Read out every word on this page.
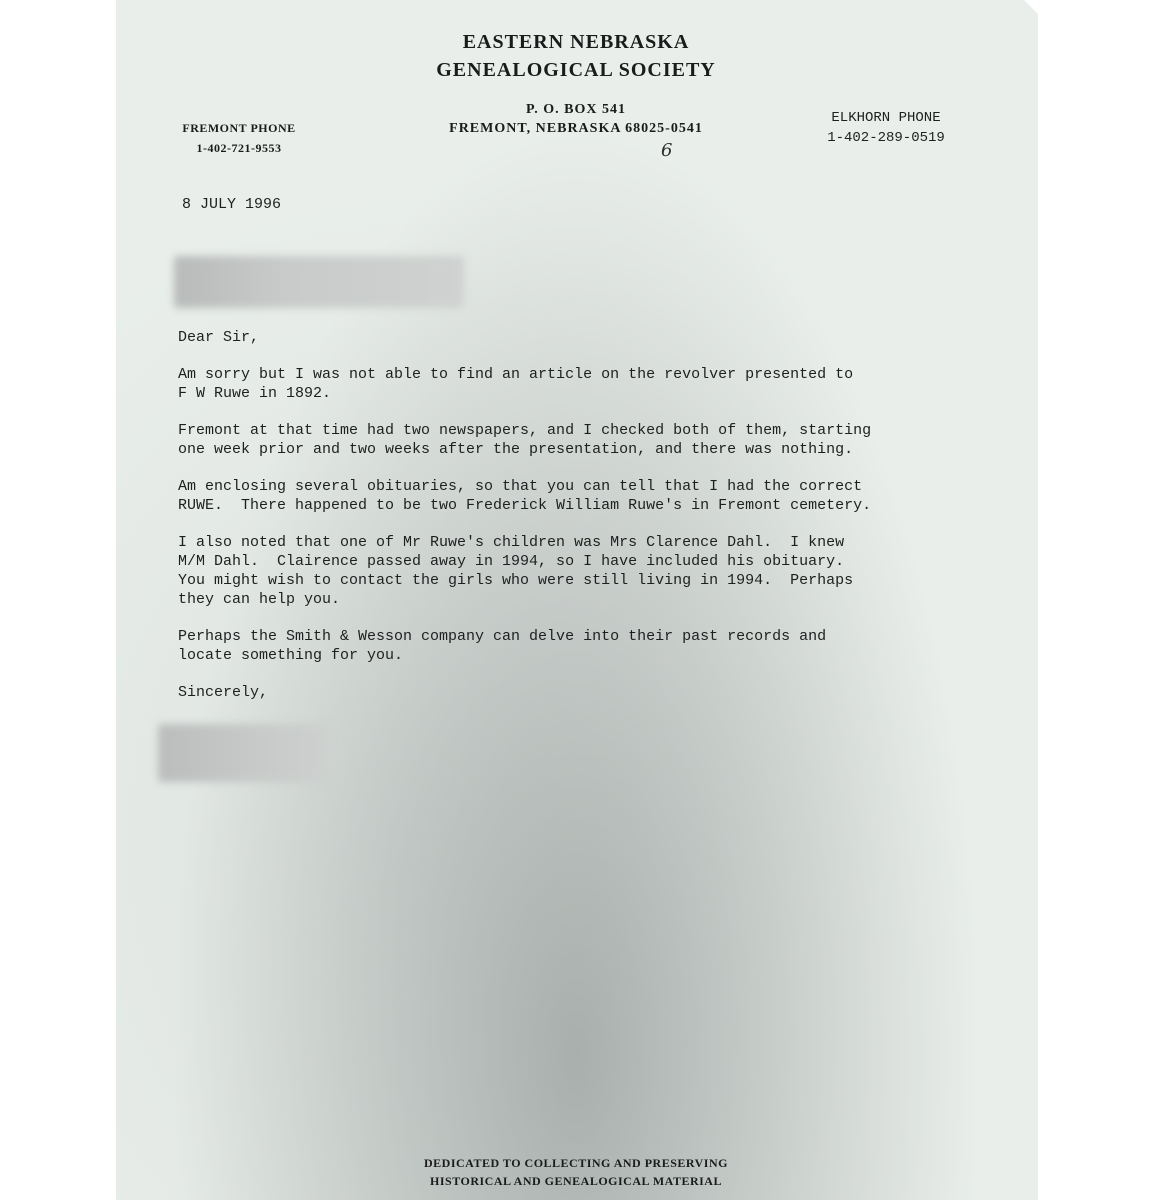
EASTERN NEBRASKA
GENEALOGICAL SOCIETY
P. O. BOX 541
FREMONT, NEBRASKA 68025-0541
6
FREMONT PHONE
1-402-721-9553
ELKHORN PHONE
1-402-289-0519
8 JULY 1996

Dear Sir,

Am sorry but I was not able to find an article on the revolver presented to
F W Ruwe in 1892.

Fremont at that time had two newspapers, and I checked both of them, starting
one week prior and two weeks after the presentation, and there was nothing.

Am enclosing several obituaries, so that you can tell that I had the correct
RUWE.  There happened to be two Frederick William Ruwe's in Fremont cemetery.

I also noted that one of Mr Ruwe's children was Mrs Clarence Dahl.  I knew
M/M Dahl.  Clairence passed away in 1994, so I have included his obituary.
You might wish to contact the girls who were still living in 1994.  Perhaps
they can help you.

Perhaps the Smith & Wesson company can delve into their past records and
locate something for you.

Sincerely,

DEDICATED TO COLLECTING AND PRESERVING
HISTORICAL AND GENEALOGICAL MATERIAL
